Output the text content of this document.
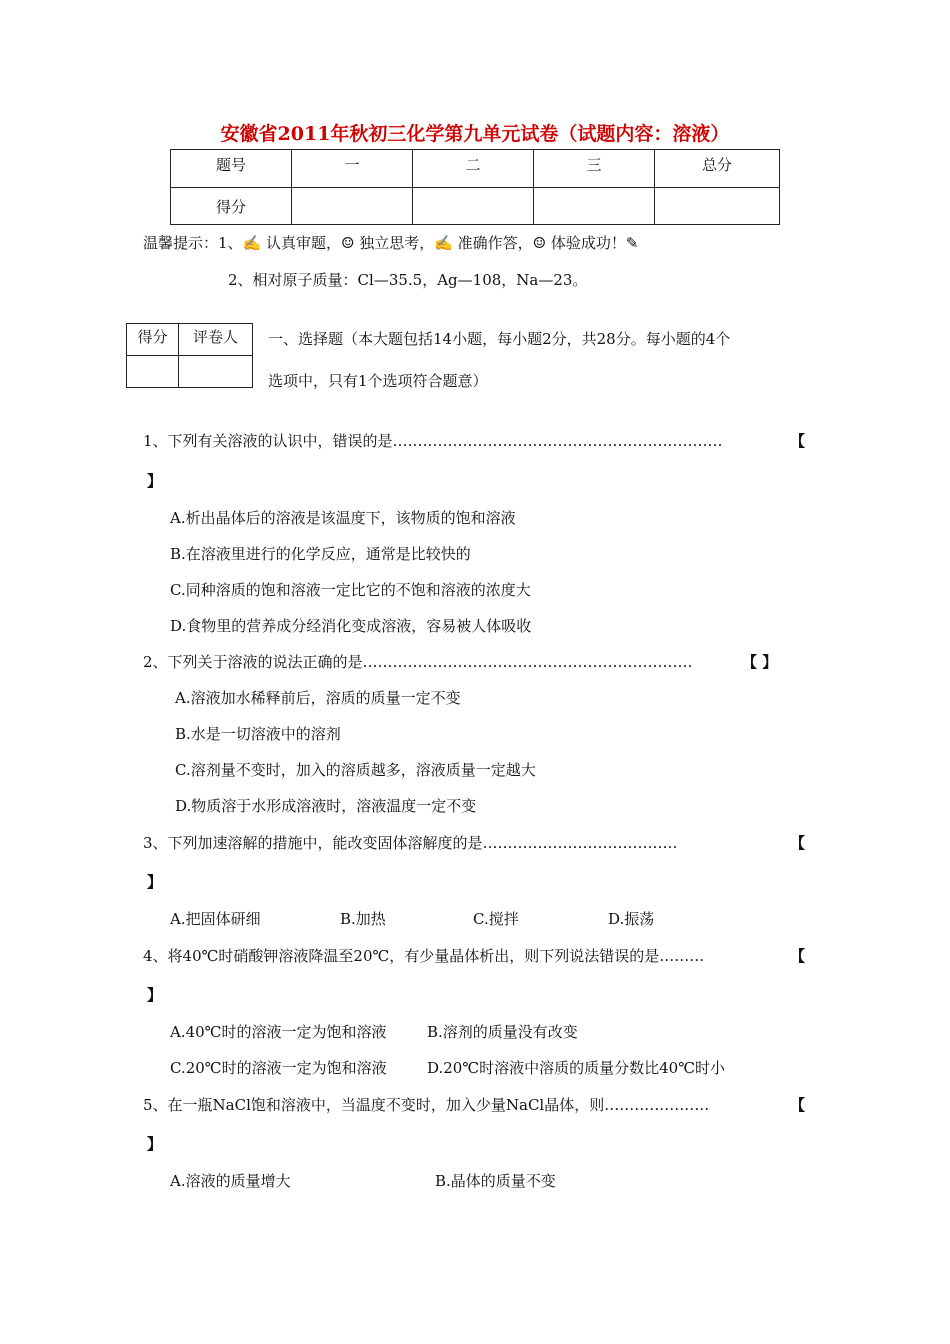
安徽省2011年秋初三化学第九单元试卷（试题内容：溶液）
题号	一	二	三	总分
得分				
温馨提示：1、✍ 认真审题，☺ 独立思考，✍ 准确作答，☺ 体验成功！✎
2、相对原子质量：Cl—35.5，Ag—108，Na—23。
得分	评卷人
	一、选择题（本大题包括14小题，每小题2分，共28分。每小题的4个
选项中，只有1个选项符合题意）
1、下列有关溶液的认识中，错误的是…………………………………………………………	【
】
A.析出晶体后的溶液是该温度下，该物质的饱和溶液
B.在溶液里进行的化学反应，通常是比较快的
C.同种溶质的饱和溶液一定比它的不饱和溶液的浓度大
D.食物里的营养成分经消化变成溶液，容易被人体吸收
2、下列关于溶液的说法正确的是…………………………………………………………	【 】
A.溶液加水稀释前后，溶质的质量一定不变
B.水是一切溶液中的溶剂
C.溶剂量不变时，加入的溶质越多，溶液质量一定越大
D.物质溶于水形成溶液时，溶液温度一定不变
3、下列加速溶解的措施中，能改变固体溶解度的是…………………………………	【
】
A.把固体研细	B.加热	C.搅拌	D.振荡
4、将40℃时硝酸钾溶液降温至20℃，有少量晶体析出，则下列说法错误的是………	【
】
A.40℃时的溶液一定为饱和溶液	B.溶剂的质量没有改变
C.20℃时的溶液一定为饱和溶液	D.20℃时溶液中溶质的质量分数比40℃时小
5、在一瓶NaCl饱和溶液中，当温度不变时，加入少量NaCl晶体，则…………………	【
】
A.溶液的质量增大	B.晶体的质量不变
